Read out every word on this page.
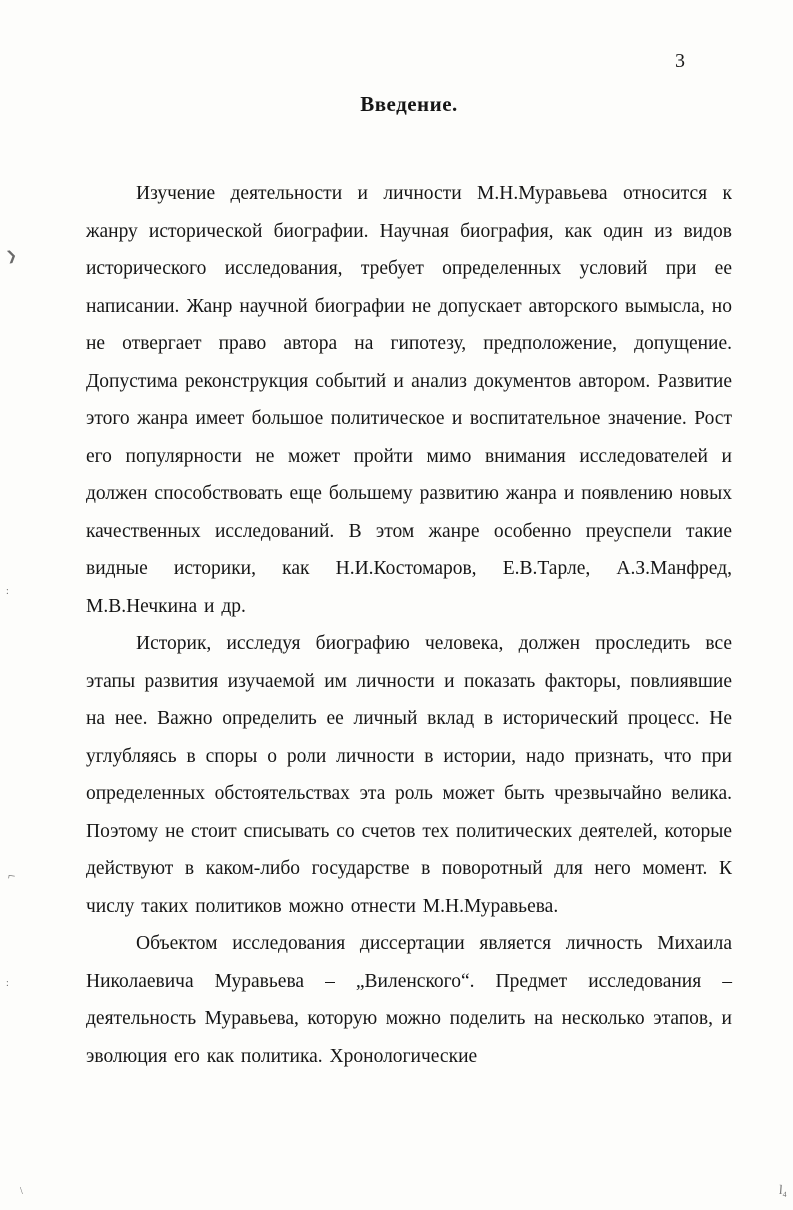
3
Введение.

Изучение деятельности и личности М.Н.Муравьева относится к жанру исторической биографии. Научная биография, как один из видов исторического исследования, требует определенных условий при ее написании. Жанр научной биографии не допускает авторского вымысла, но не отвергает право автора на гипотезу, предположение, допущение. Допустима реконструкция событий и анализ документов автором. Развитие этого жанра имеет большое политическое и воспитательное значение. Рост его популярности не может пройти мимо внимания исследователей и должен способствовать еще большему развитию жанра и появлению новых качественных исследований. В этом жанре особенно преуспели такие видные историки, как Н.И.Костомаров, Е.В.Тарле, А.З.Манфред, М.В.Нечкина и др.

Историк, исследуя биографию человека, должен проследить все этапы развития изучаемой им личности и показать факторы, повлиявшие на нее. Важно определить ее личный вклад в исторический процесс. Не углубляясь в споры о роли личности в истории, надо признать, что при определенных обстоятельствах эта роль может быть чрезвычайно велика. Поэтому не стоит списывать со счетов тех политических деятелей, которые действуют в каком-либо государстве в поворотный для него момент. К числу таких политиков можно отнести М.Н.Муравьева.

Объектом исследования диссертации является личность Михаила Николаевича Муравьева – „Виленского“. Предмет исследования – деятельность Муравьева, которую можно поделить на несколько этапов, и эволюция его как политика. Хронологические

❯
⌐
:
l₄
\
:
